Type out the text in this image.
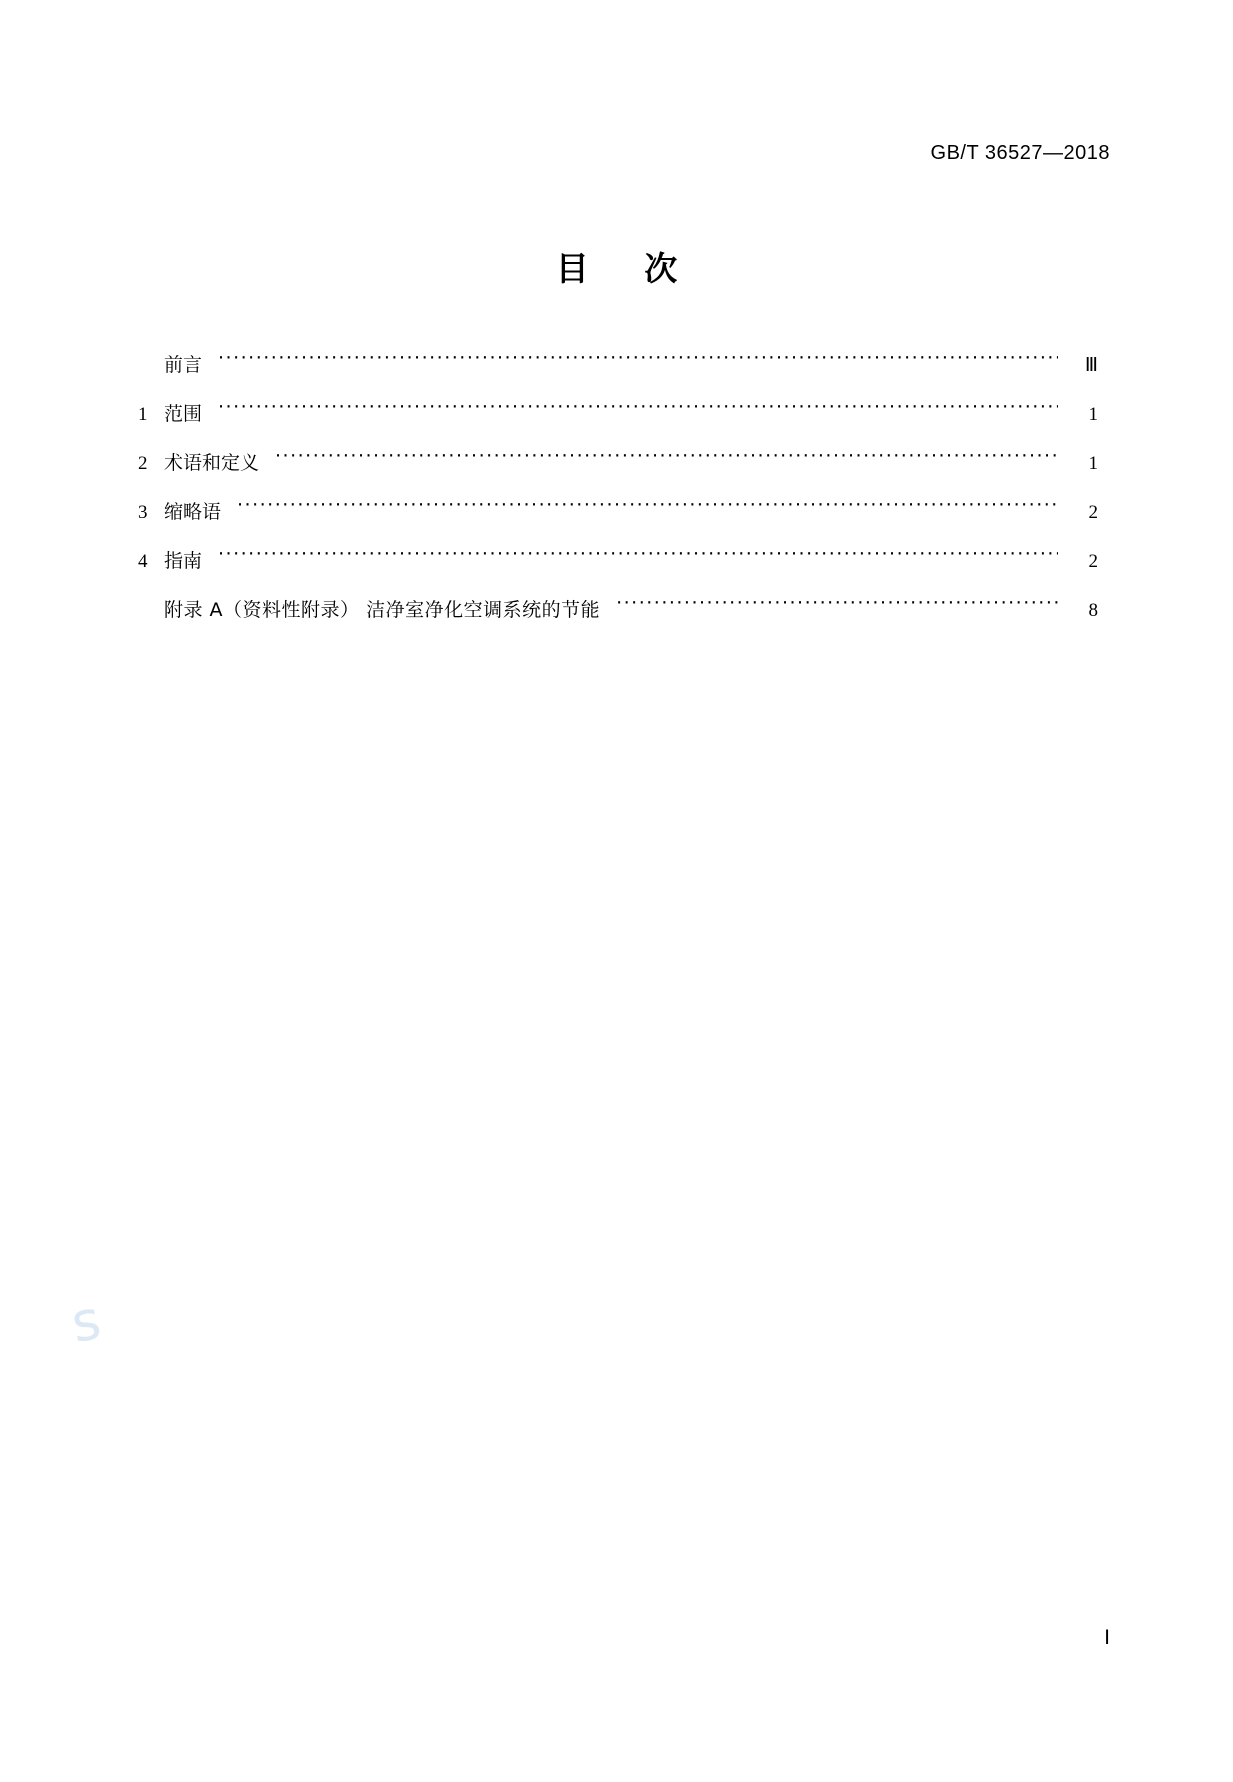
GB/T 36527—2018
目 次
前言 ·····	Ⅲ
1 范围 ·····	1
2 术语和定义 ·····	1
3 缩略语 ·····	2
4 指南 ·····	2
附录 A（资料性附录） 洁净室净化空调系统的节能 ·····	8
s
Ⅰ
